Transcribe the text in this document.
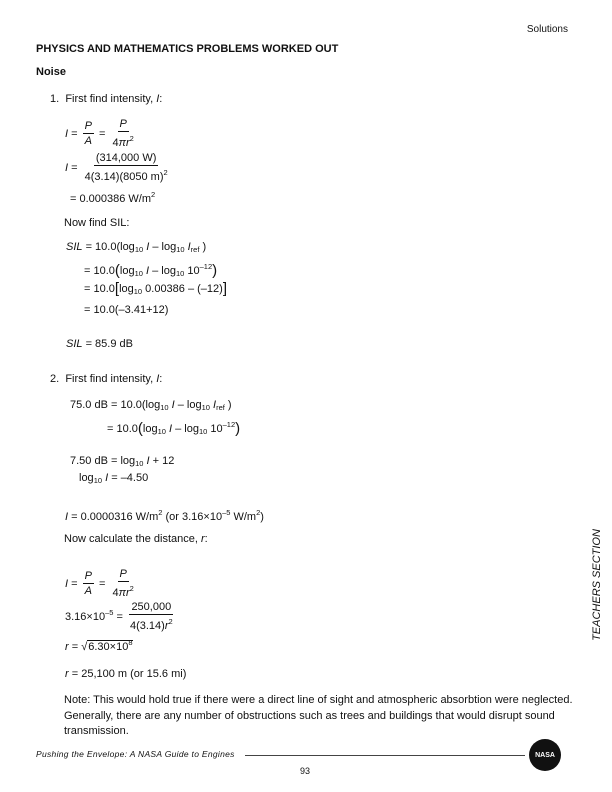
Solutions
PHYSICS AND MATHEMATICS PROBLEMS WORKED OUT
Noise
1. First find intensity, I:
$I = \frac{P}{A} = \frac{P}{4\pi r^2}$
$I = \frac{(314,000 W)}{4(3.14)(8050 m)^2}$
= 0.000386 $W/m^2$
Now find SIL:
SIL = $10.0(\log_{10}$ I – $\log_{10} I_{ref}$ )
= $10.0(\log_{10}$ I – $\log_{10} 10^{-12}$)
= $10.0[\log_{10}$ 0.00386 – (–12)]
= 10.0(–3.41+12)
SIL = 85.9 dB
2. First find intensity, I:
75.0 dB = $10.0(\log_{10}$ I – $\log_{10} I_{ref}$ )
= $10.0(\log_{10}$ I – $\log_{10} 10^{-12}$)
7.50 dB = $\log_{10} I + 12$
$\log_{10} I = -4.50$
I = 0.0000316 $W/m^2$ (or $3.16\times 10^{-5}$ $W/m^2$)
Now calculate the distance, r:
$I = \frac{P}{A} = \frac{P}{4\pi r^2}$
$3.16\times 10^{-5} = \frac{250,000}{4(3.14)r^2}$
$r = √6.30\times 10^8$
r = 25,100 m (or 15.6 mi)
Note: This would hold true if there were a direct line of sight and atmospheric absorbtion were neglected.
Generally, there are any number of obstructions such as trees and buildings that would disrupt sound
transmission.
TEACHERS SECTION
Pushing the Envelope: A NASA Guide to Engines	NASA
93
